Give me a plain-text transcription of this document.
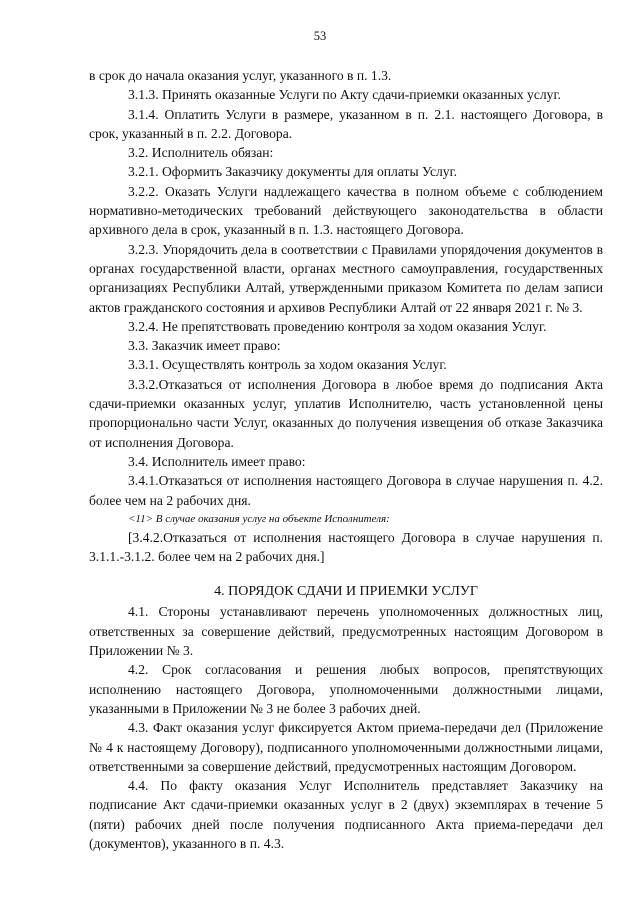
53

в срок до начала оказания услуг, указанного в п. 1.3.

3.1.3. Принять оказанные Услуги по Акту сдачи-приемки оказанных услуг.

3.1.4. Оплатить Услуги в размере, указанном в п. 2.1. настоящего Договора, в срок, указанный в п. 2.2. Договора.

3.2. Исполнитель обязан:

3.2.1. Оформить Заказчику документы для оплаты Услуг.

3.2.2. Оказать Услуги надлежащего качества в полном объеме с соблюдением нормативно-методических требований действующего законодательства в области архивного дела в срок, указанный в п. 1.3. настоящего Договора.

3.2.3. Упорядочить дела в соответствии с Правилами упорядочения документов в органах государственной власти, органах местного самоуправления, государственных организациях Республики Алтай, утвержденными приказом Комитета по делам записи актов гражданского состояния и архивов Республики Алтай от 22 января 2021 г. № 3.

3.2.4. Не препятствовать проведению контроля за ходом оказания Услуг.

3.3. Заказчик имеет право:

3.3.1. Осуществлять контроль за ходом оказания Услуг.

3.3.2.Отказаться от исполнения Договора в любое время до подписания Акта сдачи-приемки оказанных услуг, уплатив Исполнителю, часть установленной цены пропорционально части Услуг, оказанных до получения извещения об отказе Заказчика от исполнения Договора.

3.4. Исполнитель имеет право:

3.4.1.Отказаться от исполнения настоящего Договора в случае нарушения п. 4.2. более чем на 2 рабочих дня.

<11> В случае оказания услуг на объекте Исполнителя:

[3.4.2.Отказаться от исполнения настоящего Договора в случае нарушения п. 3.1.1.-3.1.2. более чем на 2 рабочих дня.]

4. ПОРЯДОК СДАЧИ И ПРИЕМКИ УСЛУГ

4.1. Стороны устанавливают перечень уполномоченных должностных лиц, ответственных за совершение действий, предусмотренных настоящим Договором в Приложении № 3.

4.2. Срок согласования и решения любых вопросов, препятствующих исполнению настоящего Договора, уполномоченными должностными лицами, указанными в Приложении № 3 не более 3 рабочих дней.

4.3. Факт оказания услуг фиксируется Актом приема-передачи дел (Приложение № 4 к настоящему Договору), подписанного уполномоченными должностными лицами, ответственными за совершение действий, предусмотренных настоящим Договором.

4.4. По факту оказания Услуг Исполнитель представляет Заказчику на подписание Акт сдачи-приемки оказанных услуг в 2 (двух) экземплярах в течение 5 (пяти) рабочих дней после получения подписанного Акта приема-передачи дел (документов), указанного в п. 4.3.
